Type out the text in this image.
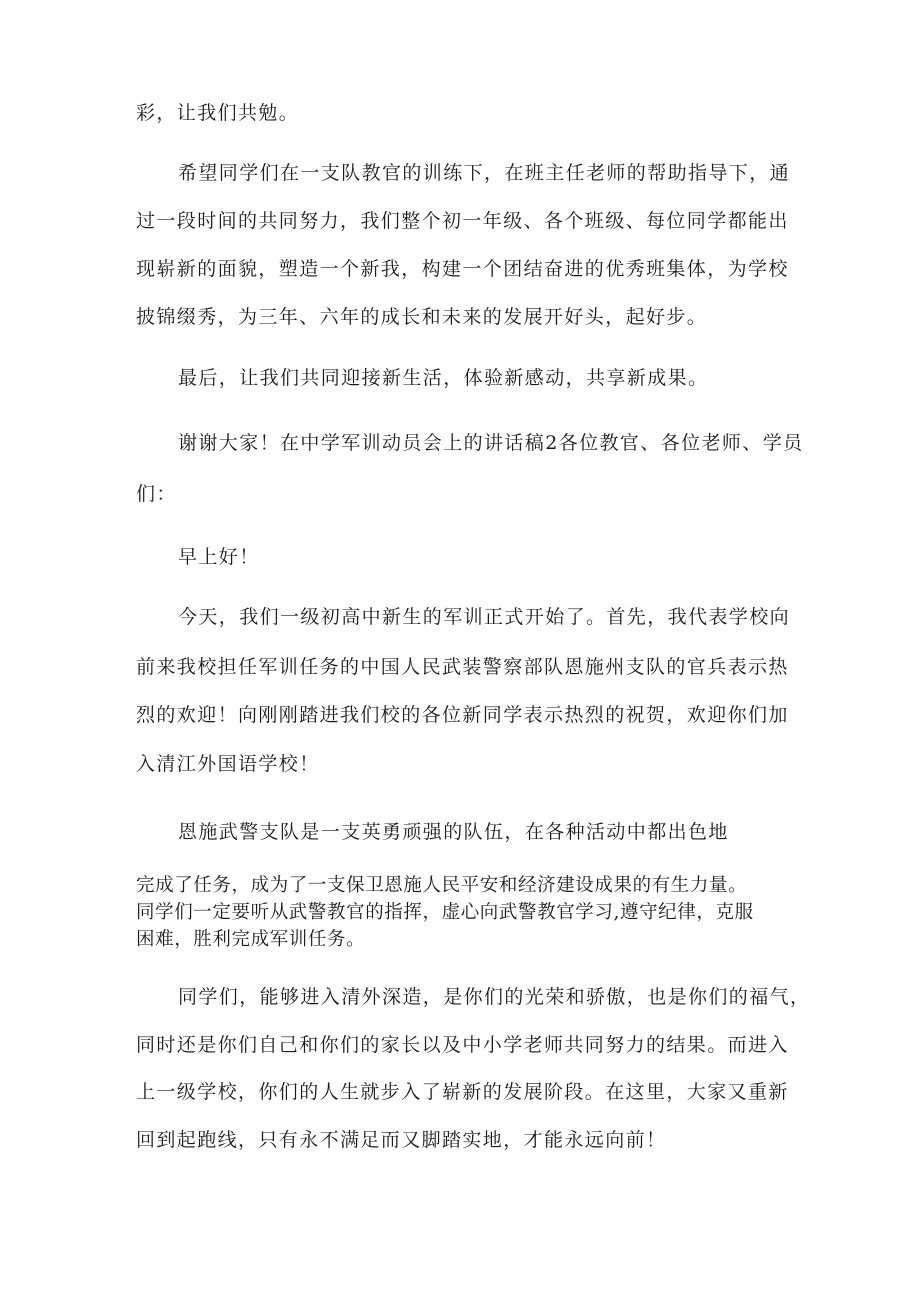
彩，让我们共勉。
希望同学们在一支队教官的训练下，在班主任老师的帮助指导下，通
过一段时间的共同努力，我们整个初一年级、各个班级、每位同学都能出
现崭新的面貌，塑造一个新我，构建一个团结奋进的优秀班集体，为学校
披锦缀秀，为三年、六年的成长和未来的发展开好头，起好步。
最后，让我们共同迎接新生活，体验新感动，共享新成果。
谢谢大家！在中学军训动员会上的讲话稿2各位教官、各位老师、学员
们：
早上好！
今天，我们一级初高中新生的军训正式开始了。首先，我代表学校向
前来我校担任军训任务的中国人民武装警察部队恩施州支队的官兵表示热
烈的欢迎！向刚刚踏进我们校的各位新同学表示热烈的祝贺，欢迎你们加
入清江外国语学校！
恩施武警支队是一支英勇顽强的队伍，在各种活动中都出色地
完成了任务，成为了一支保卫恩施人民平安和经济建设成果的有生力量。
同学们一定要听从武警教官的指挥，虚心向武警教官学习,遵守纪律，克服
困难，胜利完成军训任务。
同学们，能够进入清外深造，是你们的光荣和骄傲，也是你们的福气，
同时还是你们自己和你们的家长以及中小学老师共同努力的结果。而进入
上一级学校，你们的人生就步入了崭新的发展阶段。在这里，大家又重新
回到起跑线，只有永不满足而又脚踏实地，才能永远向前！
